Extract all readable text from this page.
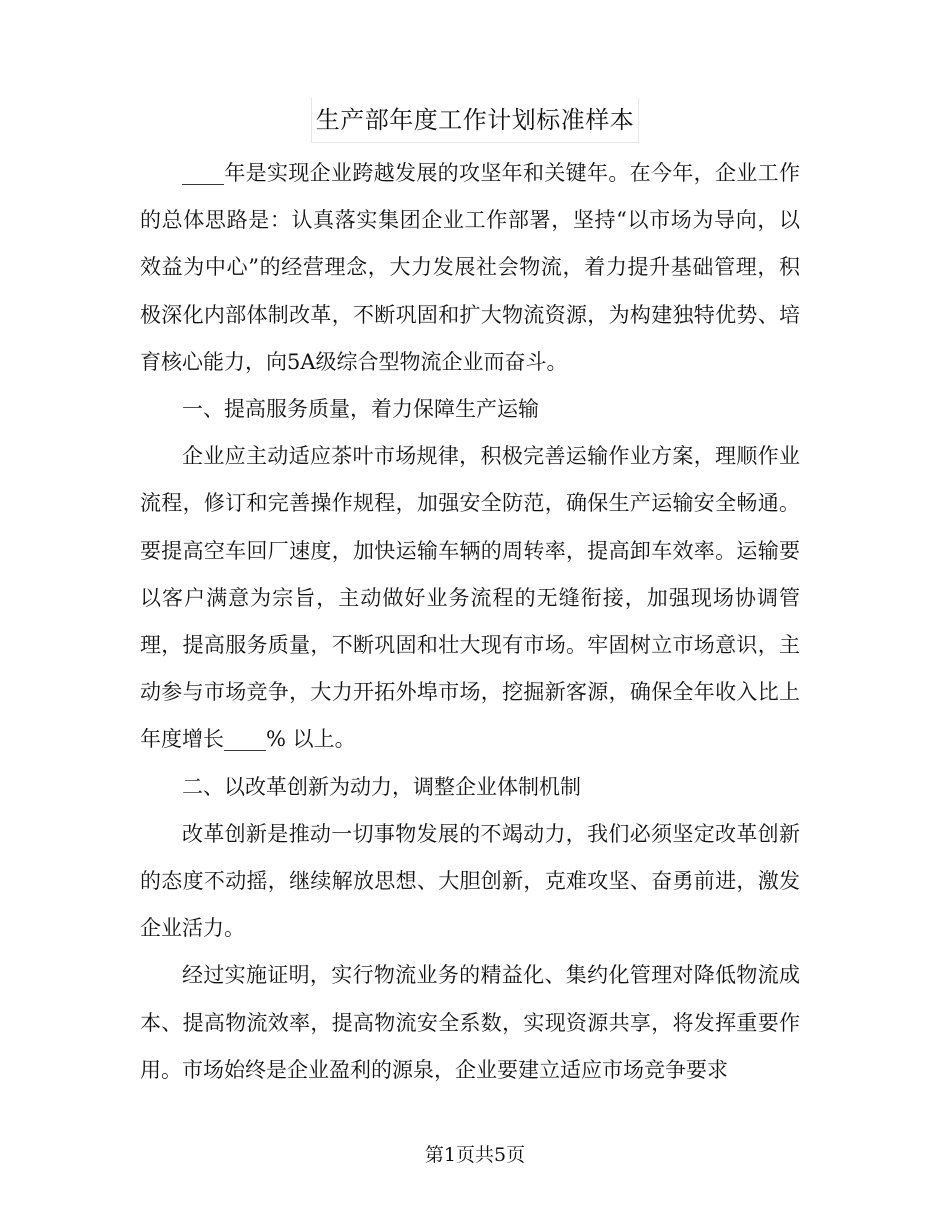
生产部年度工作计划标准样本

____年是实现企业跨越发展的攻坚年和关键年。在今年，企业工作的总体思路是：认真落实集团企业工作部署，坚持“以市场为导向，以效益为中心”的经营理念，大力发展社会物流，着力提升基础管理，积极深化内部体制改革，不断巩固和扩大物流资源，为构建独特优势、培育核心能力，向5A级综合型物流企业而奋斗。

一、提高服务质量，着力保障生产运输

企业应主动适应茶叶市场规律，积极完善运输作业方案，理顺作业流程，修订和完善操作规程，加强安全防范，确保生产运输安全畅通。要提高空车回厂速度，加快运输车辆的周转率，提高卸车效率。运输要以客户满意为宗旨，主动做好业务流程的无缝衔接，加强现场协调管理，提高服务质量，不断巩固和壮大现有市场。牢固树立市场意识，主动参与市场竞争，大力开拓外埠市场，挖掘新客源，确保全年收入比上年度增长____% 以上。

二、以改革创新为动力，调整企业体制机制

改革创新是推动一切事物发展的不竭动力，我们必须坚定改革创新的态度不动摇，继续解放思想、大胆创新，克难攻坚、奋勇前进，激发企业活力。

经过实施证明，实行物流业务的精益化、集约化管理对降低物流成本、提高物流效率，提高物流安全系数，实现资源共享，将发挥重要作用。市场始终是企业盈利的源泉，企业要建立适应市场竞争要求

第1页共5页
